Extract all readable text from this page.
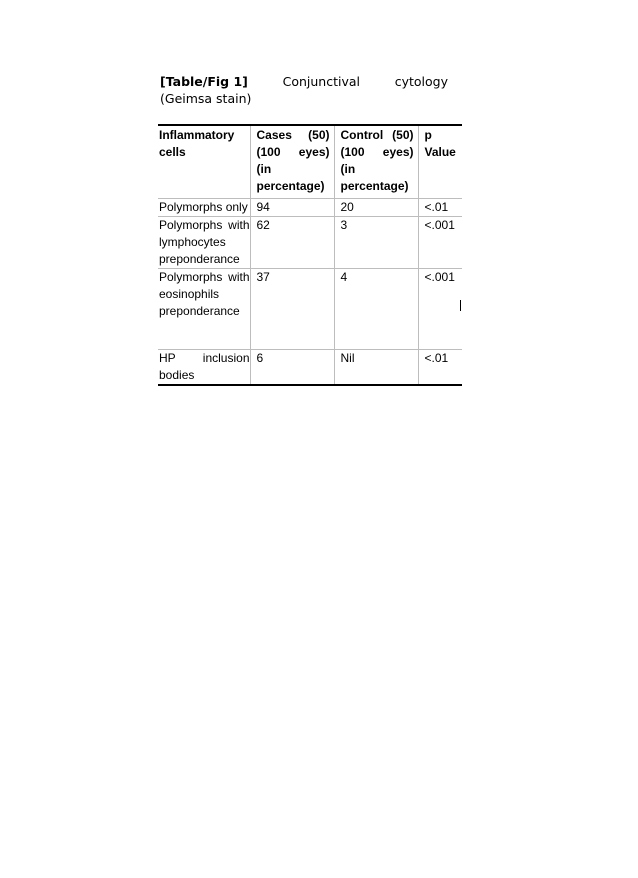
[Table/Fig 1]	Conjunctival	cytology
(Geimsa stain)
Inflammatory cells	Cases (50) (100 eyes) (in percentage)	Control (50) (100 eyes) (in percentage)	p Value
Polymorphs only	94	20	<.01
Polymorphs with lymphocytes preponderance	62	3	<.001
Polymorphs with eosinophils preponderance	37	4	<.001
HP inclusion bodies	6	Nil	<.01
